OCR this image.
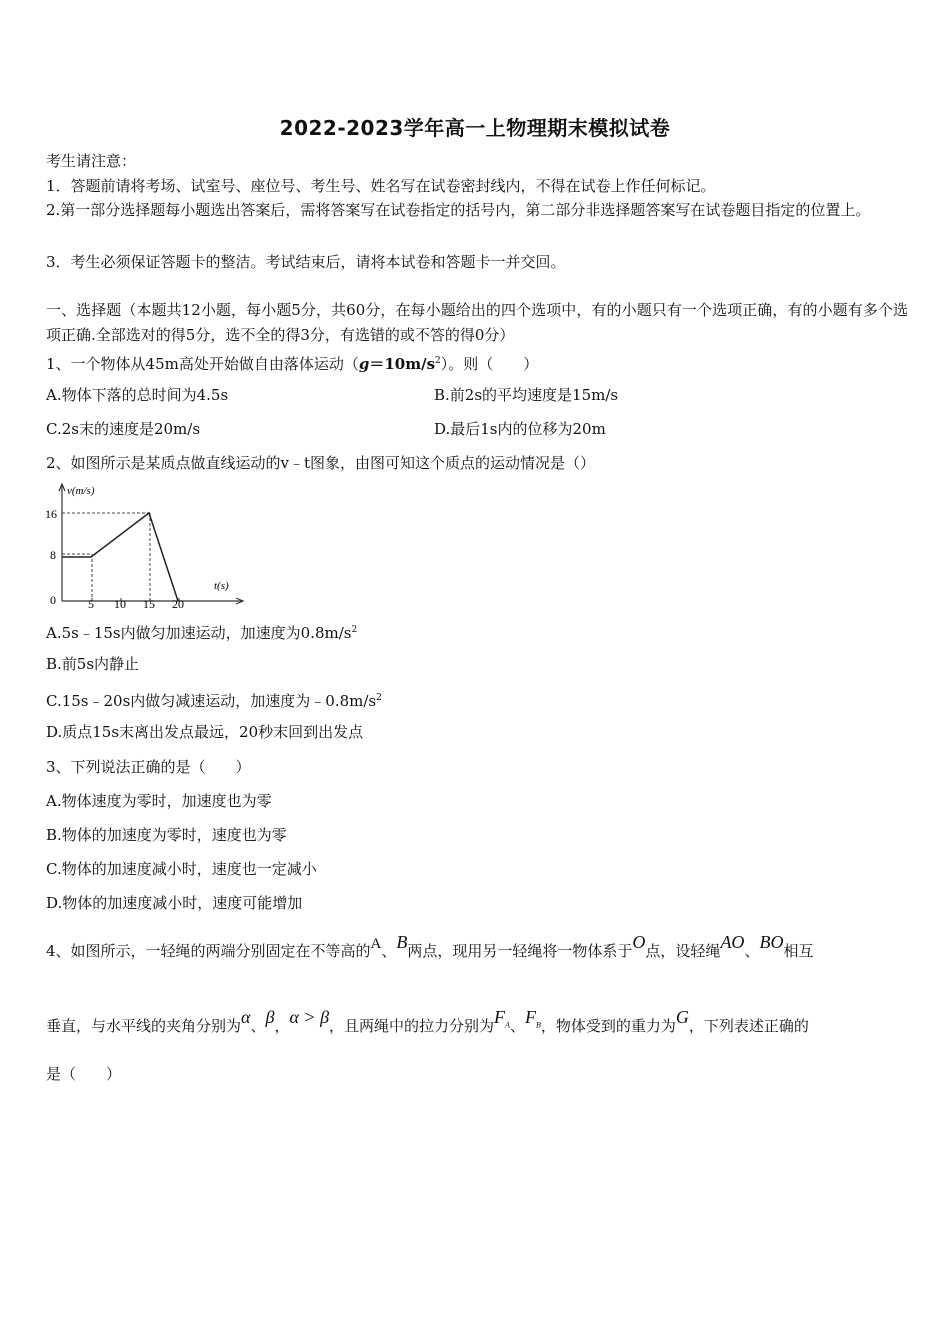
2022-2023学年高一上物理期末模拟试卷
考生请注意：
1．答题前请将考场、试室号、座位号、考生号、姓名写在试卷密封线内，不得在试卷上作任何标记。
2.第一部分选择题每小题选出答案后，需将答案写在试卷指定的括号内，第二部分非选择题答案写在试卷题目指定的位置上。
3．考生必须保证答题卡的整洁。考试结束后，请将本试卷和答题卡一并交回。
一、选择题（本题共12小题，每小题5分，共60分，在每小题给出的四个选项中，有的小题只有一个选项正确，有的小题有多个选项正确.全部选对的得5分，选不全的得3分，有选错的或不答的得0分）
1、一个物体从45m高处开始做自由落体运动$(g=10m/s^2)$。则（　　）
A.物体下落的总时间为4.5s	B.前2s的平均速度是15m/s
C.2s末的速度是20m/s	D.最后1s内的位移为20m
2、如图所示是某质点做直线运动的v﹣t图象，由图可知这个质点的运动情况是（）
v(m/s)
t(s)
16
8
0	5 10 15 20
A.5s﹣15s内做匀加速运动，加速度为$0.8m/s^2$
B.前5s内静止
C.15s﹣20s内做匀减速运动，加速度为$﹣0.8m/s^2$
D.质点15s末离出发点最远，20秒末回到出发点
3、下列说法正确的是（　　）
A.物体速度为零时，加速度也为零
B.物体的加速度为零时，速度也为零
C.物体的加速度减小时，速度也一定减小
D.物体的加速度减小时，速度可能增加
4、如图所示，一轻绳的两端分别固定在不等高的A、B两点，现用另一轻绳将一物体系于O点，设轻绳AO、BO相互
垂直，与水平线的夹角分别为α、β，α > β，且两绳中的拉力分别为$F_A$、$F_B$，物体受到的重力为G，下列表述正确的
是（　　）
